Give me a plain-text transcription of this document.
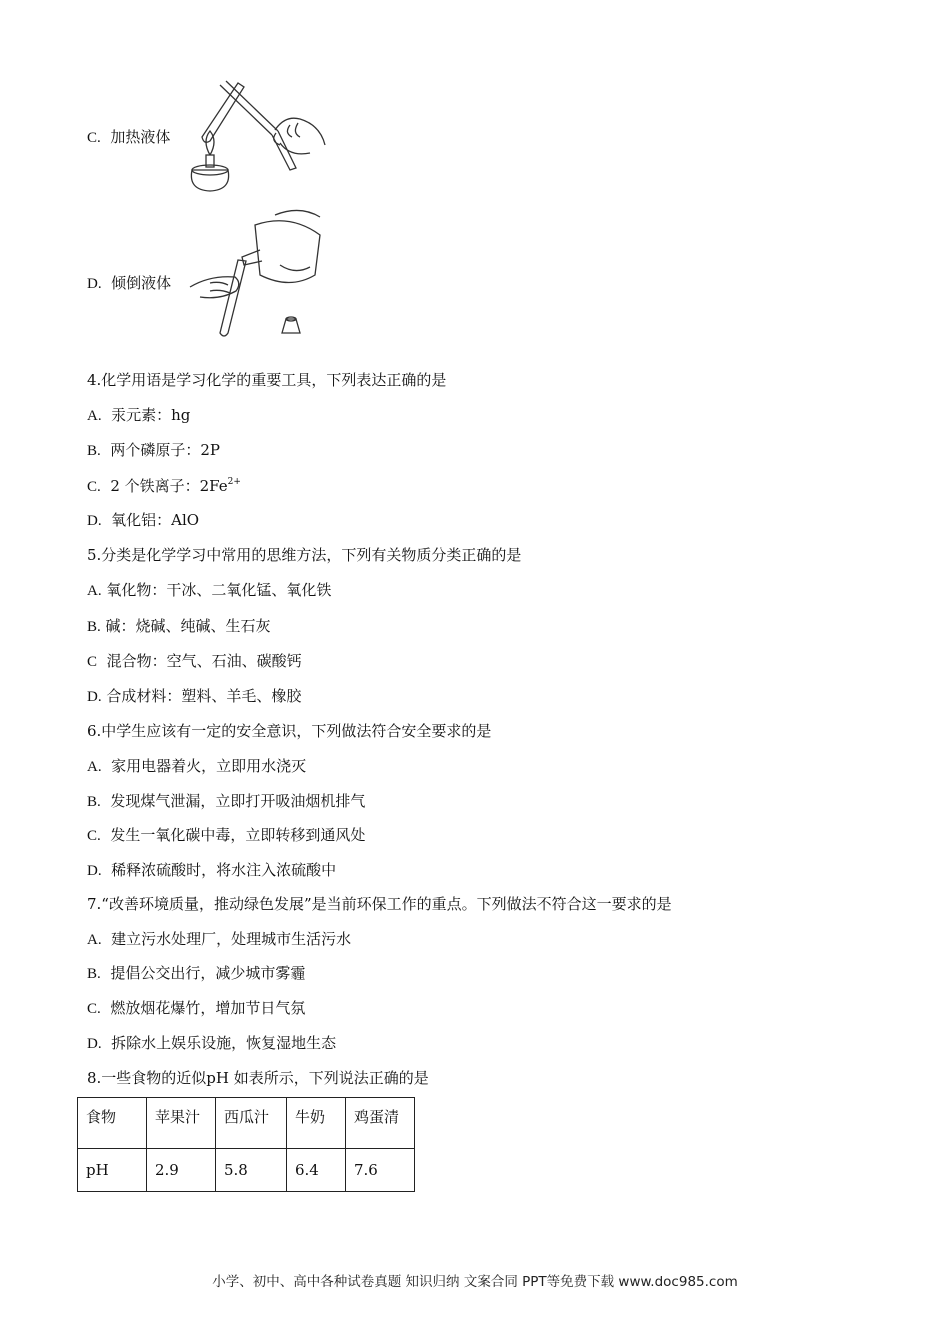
C. 加热液体
D. 倾倒液体
4.化学用语是学习化学的重要工具，下列表达正确的是
A. 汞元素：hg
B. 两个磷原子：2P
C. 2 个铁离子：$2Fe^{2+}$
D. 氧化铝：AlO
5.分类是化学学习中常用的思维方法，下列有关物质分类正确的是
A. 氧化物：干冰、二氧化锰、氧化铁
B. 碱：烧碱、纯碱、生石灰
C 混合物：空气、石油、碳酸钙
D. 合成材料：塑料、羊毛、橡胶
6.中学生应该有一定的安全意识，下列做法符合安全要求的是
A. 家用电器着火，立即用水浇灭
B. 发现煤气泄漏，立即打开吸油烟机排气
C. 发生一氧化碳中毒，立即转移到通风处
D. 稀释浓硫酸时，将水注入浓硫酸中
7.“改善环境质量，推动绿色发展”是当前环保工作的重点。下列做法不符合这一要求的是
A. 建立污水处理厂，处理城市生活污水
B. 提倡公交出行，减少城市雾霾
C. 燃放烟花爆竹，增加节日气氛
D. 拆除水上娱乐设施，恢复湿地生态
8.一些食物的近似pH 如表所示，下列说法正确的是
食物	苹果汁	西瓜汁	牛奶	鸡蛋清
pH	2.9	5.8	6.4	7.6
小学、初中、高中各种试卷真题 知识归纳 文案合同 PPT等免费下载 www.doc985.com
